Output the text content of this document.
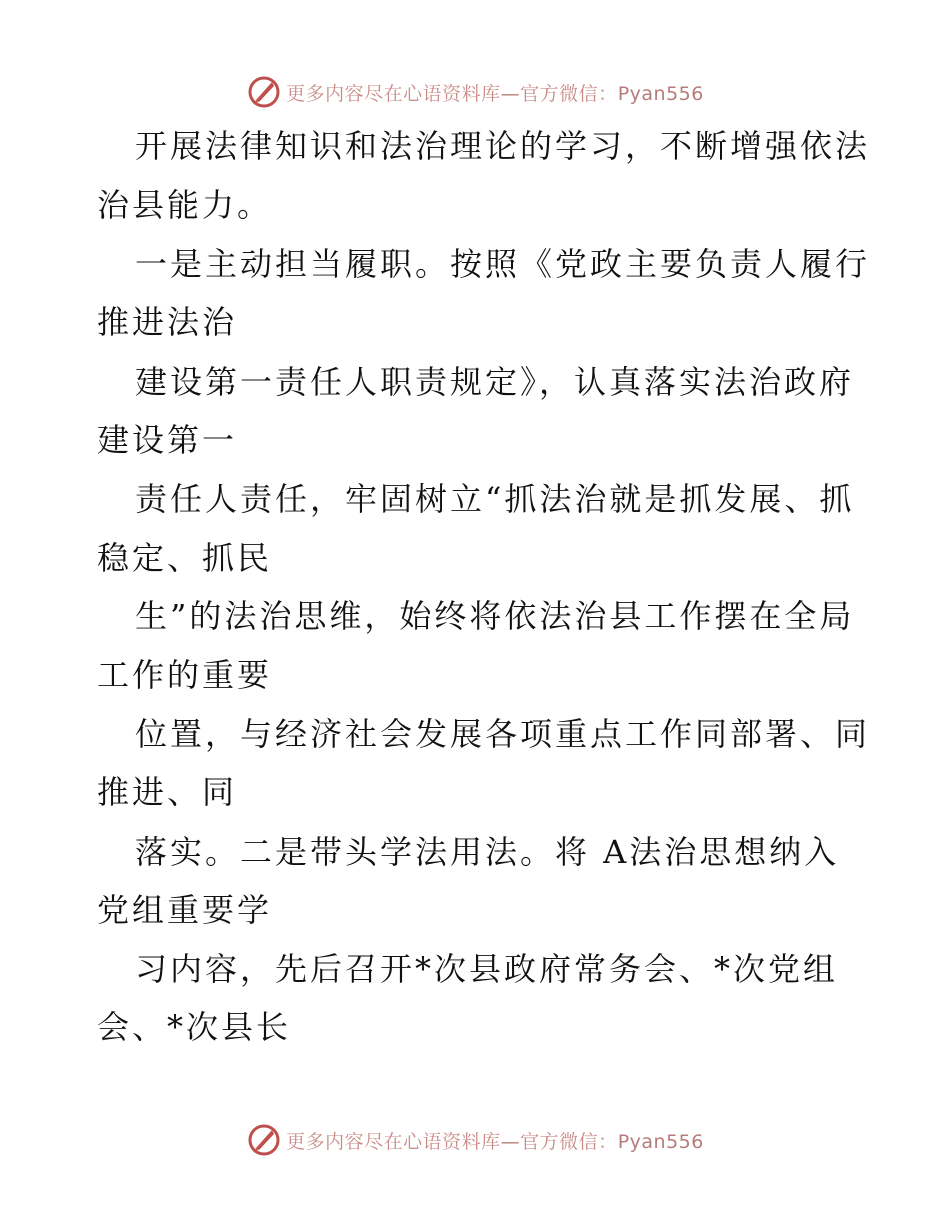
更多内容尽在心语资料库—官方微信：Pyan556
开展法律知识和法治理论的学习，不断增强依法
治县能力。
一是主动担当履职。按照《党政主要负责人履行
推进法治
建设第一责任人职责规定》，认真落实法治政府
建设第一
责任人责任，牢固树立“抓法治就是抓发展、抓
稳定、抓民
生”的法治思维，始终将依法治县工作摆在全局
工作的重要
位置，与经济社会发展各项重点工作同部署、同
推进、同
落实。二是带头学法用法。将 A法治思想纳入
党组重要学
习内容，先后召开*次县政府常务会、*次党组
会、*次县长
更多内容尽在心语资料库—官方微信：Pyan556
